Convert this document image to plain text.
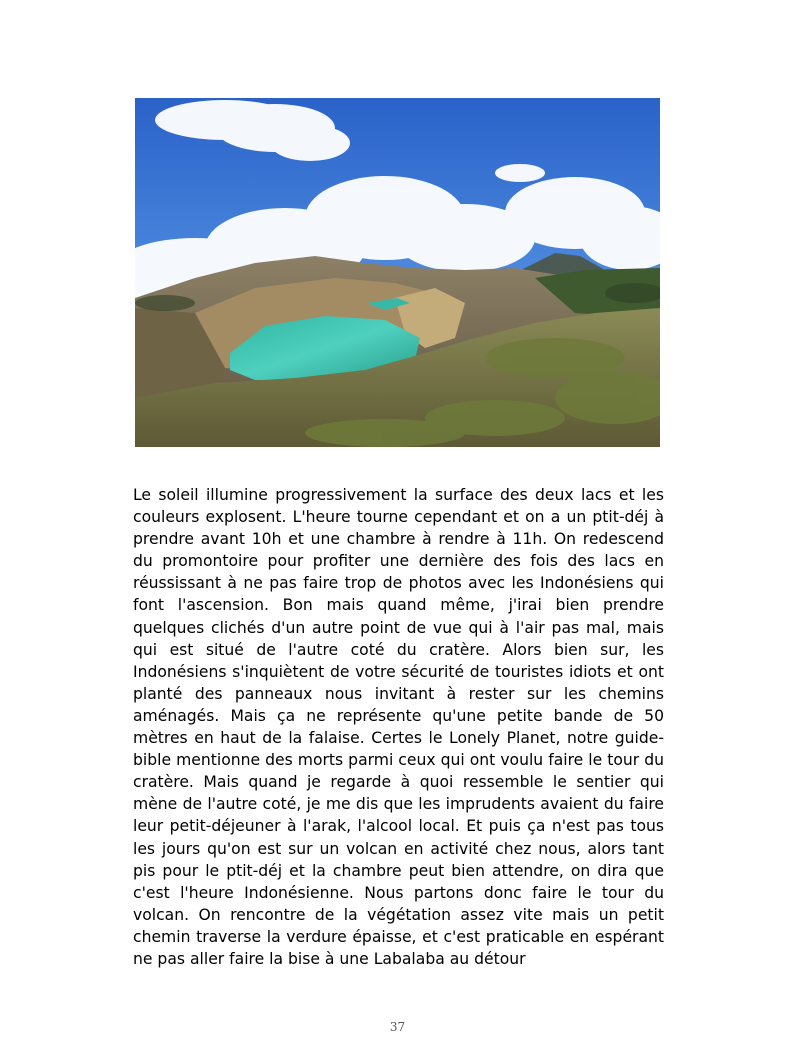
Le soleil illumine progressivement la surface des deux lacs et les couleurs explosent. L'heure tourne cependant et on a un ptit-déj à prendre avant 10h et une chambre à rendre à 11h. On redescend du promontoire pour profiter une dernière des fois des lacs en réussissant à ne pas faire trop de photos avec les Indonésiens qui font l'ascension. Bon mais quand même, j'irai bien prendre quelques clichés d'un autre point de vue qui à l'air pas mal, mais qui est situé de l'autre coté du cratère. Alors bien sur, les Indonésiens s'inquiètent de votre sécurité de touristes idiots et ont planté des panneaux nous invitant à rester sur les chemins aménagés. Mais ça ne représente qu'une petite bande de 50 mètres en haut de la falaise. Certes le Lonely Planet, notre guide-bible mentionne des morts parmi ceux qui ont voulu faire le tour du cratère. Mais quand je regarde à quoi ressemble le sentier qui mène de l'autre coté, je me dis que les imprudents avaient du faire leur petit-déjeuner à l'arak, l'alcool local. Et puis ça n'est pas tous les jours qu'on est sur un volcan en activité chez nous, alors tant pis pour le ptit-déj et la chambre peut bien attendre, on dira que c'est l'heure Indonésienne. Nous partons donc faire le tour du volcan. On rencontre de la végétation assez vite mais un petit chemin traverse la verdure épaisse, et c'est praticable en espérant ne pas aller faire la bise à une Labalaba au détour
37
